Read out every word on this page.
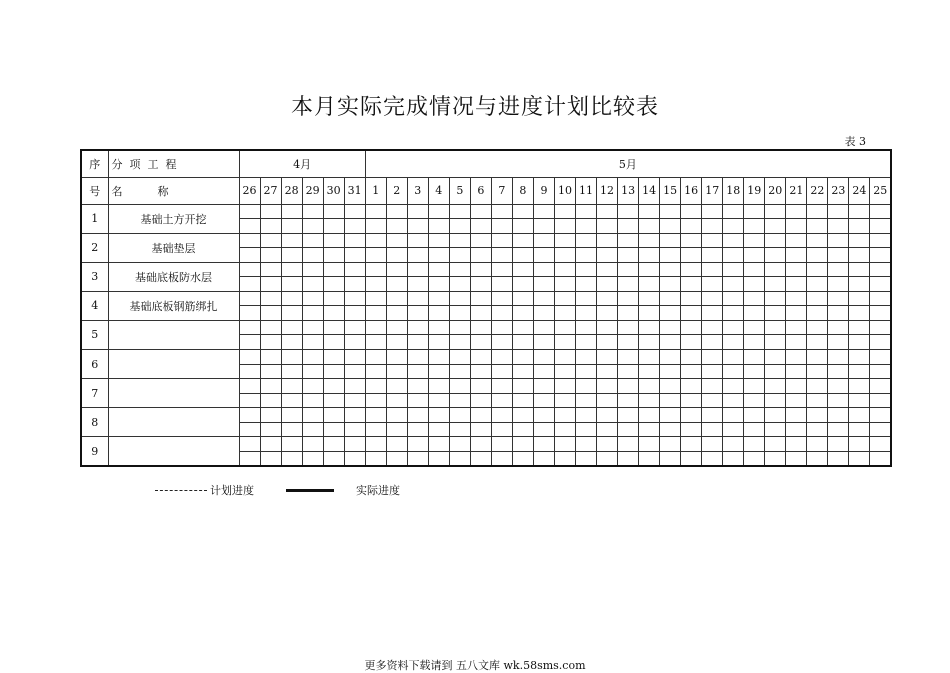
本月实际完成情况与进度计划比较表
表 3
序	分  项  工  程	4月						5月																								
号	名          称	26	27	28	29	30	31	1	2	3	4	5	6	7	8	9	10	11	12	13	14	15	16	17	18	19	20	21	22	23	24	25
1	基础土方开挖																															

2	基础垫层																															

3	基础底板防水层																															

4	基础底板钢筋绑扎																															

5																																

6																																

7																																

8																																

9																																

计划进度	实际进度
更多资料下载请到 五八文库 wk.58sms.com
